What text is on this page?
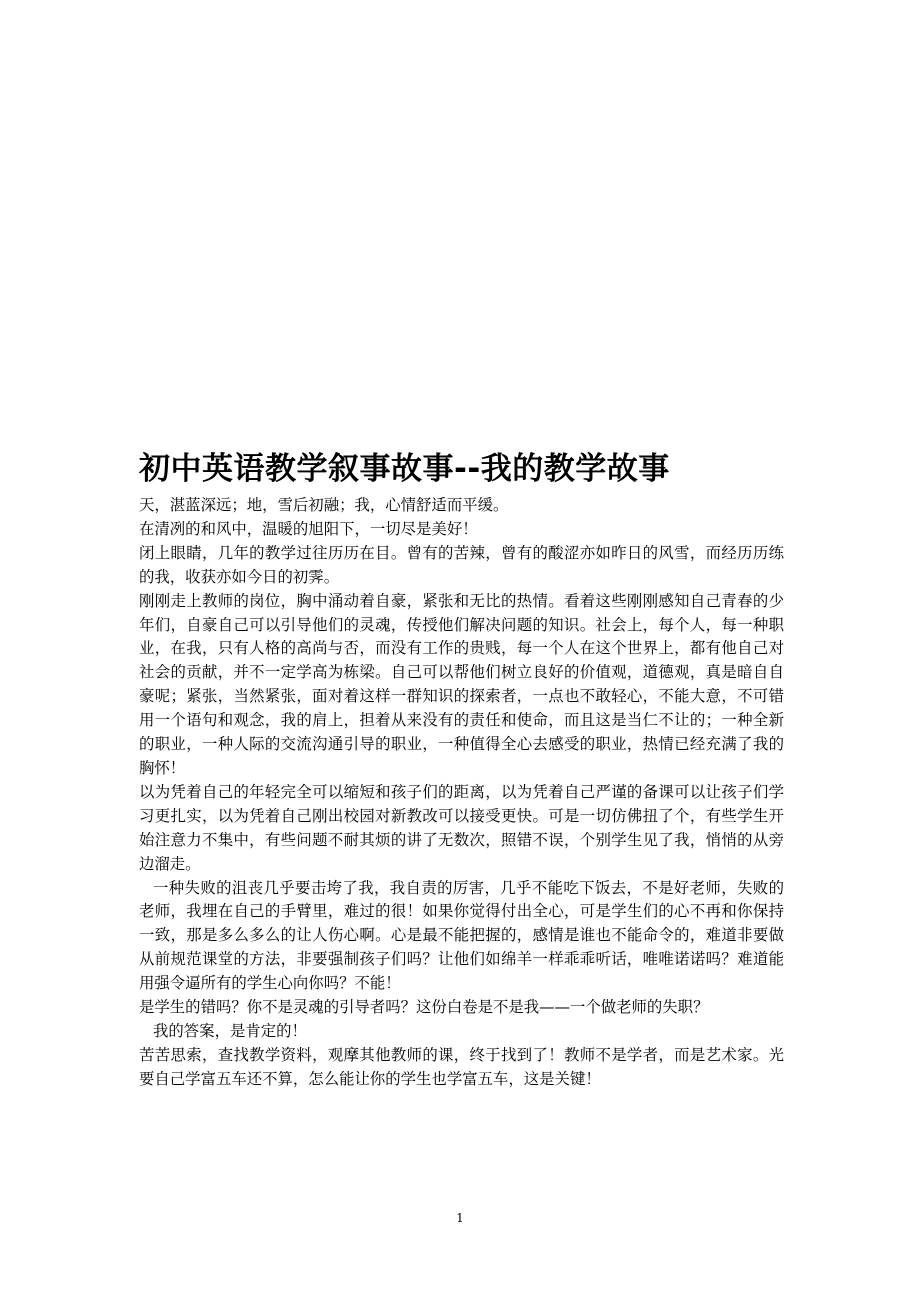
初中英语教学叙事故事--我的教学故事

天，湛蓝深远；地，雪后初融；我，心情舒适而平缓。

在清冽的和风中，温暖的旭阳下，一切尽是美好！

闭上眼睛，几年的教学过往历历在目。曾有的苦辣，曾有的酸涩亦如昨日的风雪，而经历历练的我，收获亦如今日的初霁。

刚刚走上教师的岗位，胸中涌动着自豪，紧张和无比的热情。看着这些刚刚感知自己青春的少年们，自豪自己可以引导他们的灵魂，传授他们解决问题的知识。社会上，每个人，每一种职业，在我，只有人格的高尚与否，而没有工作的贵贱，每一个人在这个世界上，都有他自己对社会的贡献，并不一定学高为栋梁。自己可以帮他们树立良好的价值观，道德观，真是暗自自豪呢；紧张，当然紧张，面对着这样一群知识的探索者，一点也不敢轻心，不能大意，不可错用一个语句和观念，我的肩上，担着从来没有的责任和使命，而且这是当仁不让的；一种全新的职业，一种人际的交流沟通引导的职业，一种值得全心去感受的职业，热情已经充满了我的胸怀！

以为凭着自己的年轻完全可以缩短和孩子们的距离，以为凭着自己严谨的备课可以让孩子们学习更扎实，以为凭着自己刚出校园对新教改可以接受更快。可是一切仿佛扭了个，有些学生开始注意力不集中，有些问题不耐其烦的讲了无数次，照错不误，个别学生见了我，悄悄的从旁边溜走。

一种失败的沮丧几乎要击垮了我，我自责的厉害，几乎不能吃下饭去，不是好老师，失败的老师，我埋在自己的手臂里，难过的很！如果你觉得付出全心，可是学生们的心不再和你保持一致，那是多么多么的让人伤心啊。心是最不能把握的，感情是谁也不能命令的，难道非要做从前规范课堂的方法，非要强制孩子们吗？让他们如绵羊一样乖乖听话，唯唯诺诺吗？难道能用强令逼所有的学生心向你吗？不能！

是学生的错吗？你不是灵魂的引导者吗？这份白卷是不是我——一个做老师的失职？

我的答案，是肯定的！

苦苦思索，查找教学资料，观摩其他教师的课，终于找到了！教师不是学者，而是艺术家。光要自己学富五车还不算，怎么能让你的学生也学富五车，这是关键！

1
